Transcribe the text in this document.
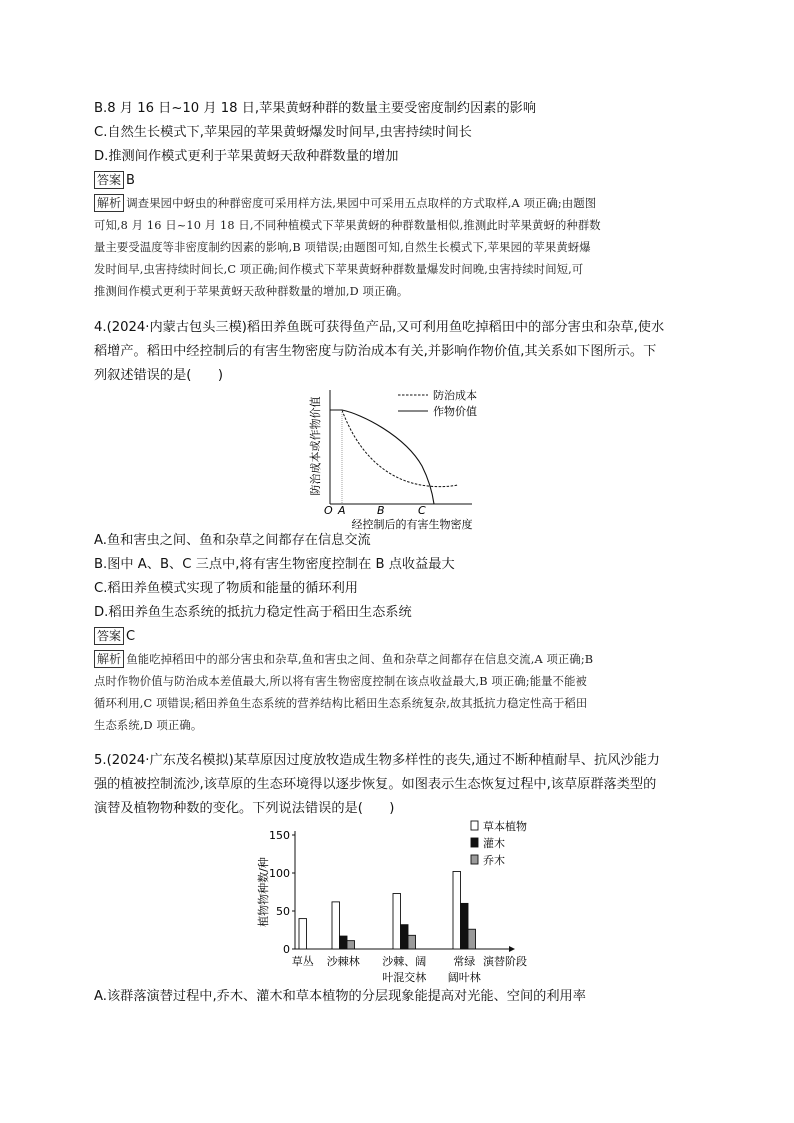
B.8 月 16 日~10 月 18 日,苹果黄蚜种群的数量主要受密度制约因素的影响
C.自然生长模式下,苹果园的苹果黄蚜爆发时间早,虫害持续时间长
D.推测间作模式更利于苹果黄蚜天敌种群数量的增加
答案 B
解析 调查果园中蚜虫的种群密度可采用样方法,果园中可采用五点取样的方式取样,A 项正确;由题图
可知,8 月 16 日~10 月 18 日,不同种植模式下苹果黄蚜的种群数量相似,推测此时苹果黄蚜的种群数
量主要受温度等非密度制约因素的影响,B 项错误;由题图可知,自然生长模式下,苹果园的苹果黄蚜爆
发时间早,虫害持续时间长,C 项正确;间作模式下苹果黄蚜种群数量爆发时间晚,虫害持续时间短,可
推测间作模式更利于苹果黄蚜天敌种群数量的增加,D 项正确。
4.(2024·内蒙古包头三模)稻田养鱼既可获得鱼产品,又可利用鱼吃掉稻田中的部分害虫和杂草,使水
稻增产。稻田中经控制后的有害生物密度与防治成本有关,并影响作物价值,其关系如下图所示。下
列叙述错误的是(　　)
防治成本或作物价值
防治成本
作物价值
O A	B	C
经控制后的有害生物密度
A.鱼和害虫之间、鱼和杂草之间都存在信息交流
B.图中 A、B、C 三点中,将有害生物密度控制在 B 点收益最大
C.稻田养鱼模式实现了物质和能量的循环利用
D.稻田养鱼生态系统的抵抗力稳定性高于稻田生态系统
答案 C
解析 鱼能吃掉稻田中的部分害虫和杂草,鱼和害虫之间、鱼和杂草之间都存在信息交流,A 项正确;B
点时作物价值与防治成本差值最大,所以将有害生物密度控制在该点收益最大,B 项正确;能量不能被
循环利用,C 项错误;稻田养鱼生态系统的营养结构比稻田生态系统复杂,故其抵抗力稳定性高于稻田
生态系统,D 项正确。
5.(2024·广东茂名模拟)某草原因过度放牧造成生物多样性的丧失,通过不断种植耐旱、抗风沙能力
强的植被控制流沙,该草原的生态环境得以逐步恢复。如图表示生态恢复过程中,该草原群落类型的
演替及植物物种数的变化。下列说法错误的是(　　)
植物物种数/种
0
50
100
150
草丛 沙棘林 沙棘、阔
叶混交林
常绿
阔叶林
演替阶段
草本植物
灌木
乔木
A.该群落演替过程中,乔木、灌木和草本植物的分层现象能提高对光能、空间的利用率
